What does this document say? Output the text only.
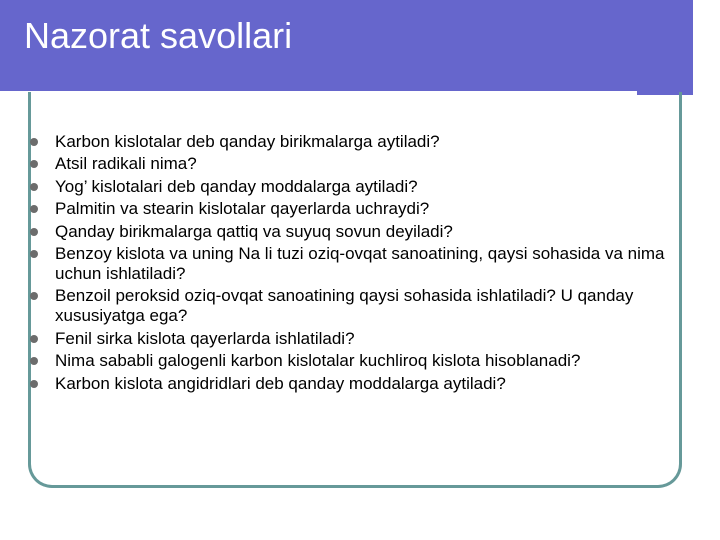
Nazorat savollari
Karbon kislotalar deb qanday birikmalarga aytiladi?
Atsil radikali nima?
Yog’ kislotalari deb qanday moddalarga aytiladi?
Palmitin va stearin kislotalar qayerlarda uchraydi?
Qanday birikmalarga qattiq va suyuq sovun deyiladi?
Benzoy kislota va uning Na li tuzi oziq-ovqat sanoatining, qaysi sohasida va nima uchun ishlatiladi?
Benzoil peroksid oziq-ovqat sanoatining qaysi sohasida ishlatiladi? U qanday xususiyatga ega?
Fenil sirka kislota qayerlarda ishlatiladi?
Nima sababli galogenli karbon kislotalar kuchliroq kislota hisoblanadi?
Karbon kislota angidridlari deb qanday moddalarga aytiladi?
